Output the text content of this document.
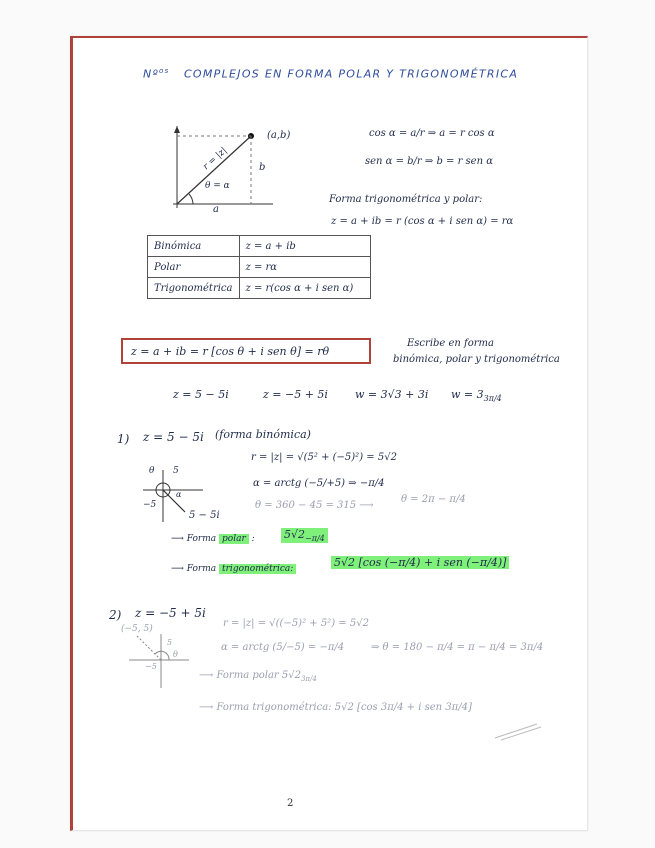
Nº$^{os}$ COMPLEJOS EN FORMA POLAR Y TRIGONOMÉTRICA
(a,b)
r = |z|
θ = α
a
b
cos α = a/r ⇒ a = r cos α
sen α = b/r ⇒ b = r sen α
Forma trigonométrica y polar:
z = a + ib = r (cos α + i sen α) = rα
Binómica	z = a + ib
Polar	z = rα
Trigonométrica	z = r(cos α + i sen α)
z = a + ib = r [cos θ + i sen θ] = rθ
Escribe en forma
binómica, polar y trigonométrica
z = 5 − 5i	z = −5 + 5i w = 3√3 + 3i $w = 3_{3\pi/4}$
1) z = 5 − 5i (forma binómica)
5
−5
θ
α
5 − 5i
r = |z| = √(5² + (−5)²) = 5√2
α = arctg (−5/+5) ⇒ −π/4
θ = 360 − 45 = 315 ⟶
θ = 2π − π/4
⟶ Forma polar :	$5√2_{-\pi/4}$
⟶ Forma trigonométrica:	5√2 [cos (−π/4) + i sen (−π/4)]
2) z = −5 + 5i
(−5, 5)
5
−5
θ
r = |z| = √((−5)² + 5²) = 5√2
α = arctg (5/−5) = −π/4	⇒ θ = 180 − π/4 = π − π/4 = 3π/4
⟶ Forma polar $5√2_{3\pi/4}$
⟶ Forma trigonométrica: 5√2 [cos 3π/4 + i sen 3π/4]
2
